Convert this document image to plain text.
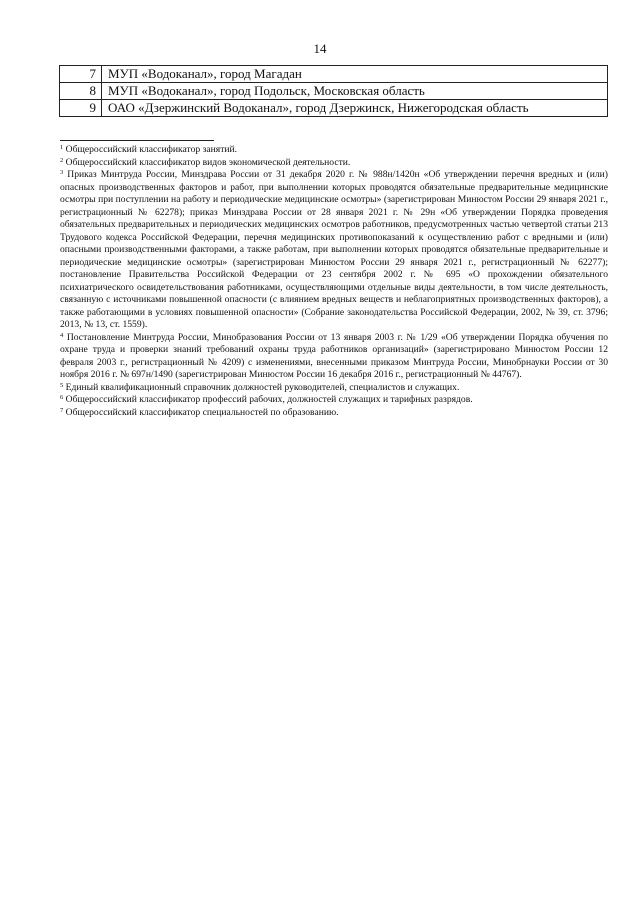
14
7	МУП «Водоканал», город Магадан
8	МУП «Водоканал», город Подольск, Московская область
9	ОАО «Дзержинский Водоканал», город Дзержинск, Нижегородская область

$^1$ Общероссийский классификатор занятий.

$^2$ Общероссийский классификатор видов экономической деятельности.

$^3$ Приказ Минтруда России, Минздрава России от 31 декабря 2020 г. № 988н/1420н «Об утверждении перечня вредных и (или) опасных производственных факторов и работ, при выполнении которых проводятся обязательные предварительные медицинские осмотры при поступлении на работу и периодические медицинские осмотры» (зарегистрирован Минюстом России 29 января 2021 г., регистрационный № 62278); приказ Минздрава России от 28 января 2021 г. № 29н «Об утверждении Порядка проведения обязательных предварительных и периодических медицинских осмотров работников, предусмотренных частью четвертой статьи 213 Трудового кодекса Российской Федерации, перечня медицинских противопоказаний к осуществлению работ с вредными и (или) опасными производственными факторами, а также работам, при выполнении которых проводятся обязательные предварительные и периодические медицинские осмотры» (зарегистрирован Минюстом России 29 января 2021 г., регистрационный № 62277); постановление Правительства Российской Федерации от 23 сентября 2002 г. № 695 «О прохождении обязательного психиатрического освидетельствования работниками, осуществляющими отдельные виды деятельности, в том числе деятельность, связанную с источниками повышенной опасности (с влиянием вредных веществ и неблагоприятных производственных факторов), а также работающими в условиях повышенной опасности» (Собрание законодательства Российской Федерации, 2002, № 39, ст. 3796; 2013, № 13, ст. 1559).

$^4$ Постановление Минтруда России, Минобразования России от 13 января 2003 г. № 1/29 «Об утверждении Порядка обучения по охране труда и проверки знаний требований охраны труда работников организаций» (зарегистрировано Минюстом России 12 февраля 2003 г., регистрационный № 4209) с изменениями, внесенными приказом Минтруда России, Минобрнауки России от 30 ноября 2016 г. № 697н/1490 (зарегистрирован Минюстом России 16 декабря 2016 г., регистрационный № 44767).

$^5$ Единый квалификационный справочник должностей руководителей, специалистов и служащих.

$^6$ Общероссийский классификатор профессий рабочих, должностей служащих и тарифных разрядов.

$^7$ Общероссийский классификатор специальностей по образованию.
